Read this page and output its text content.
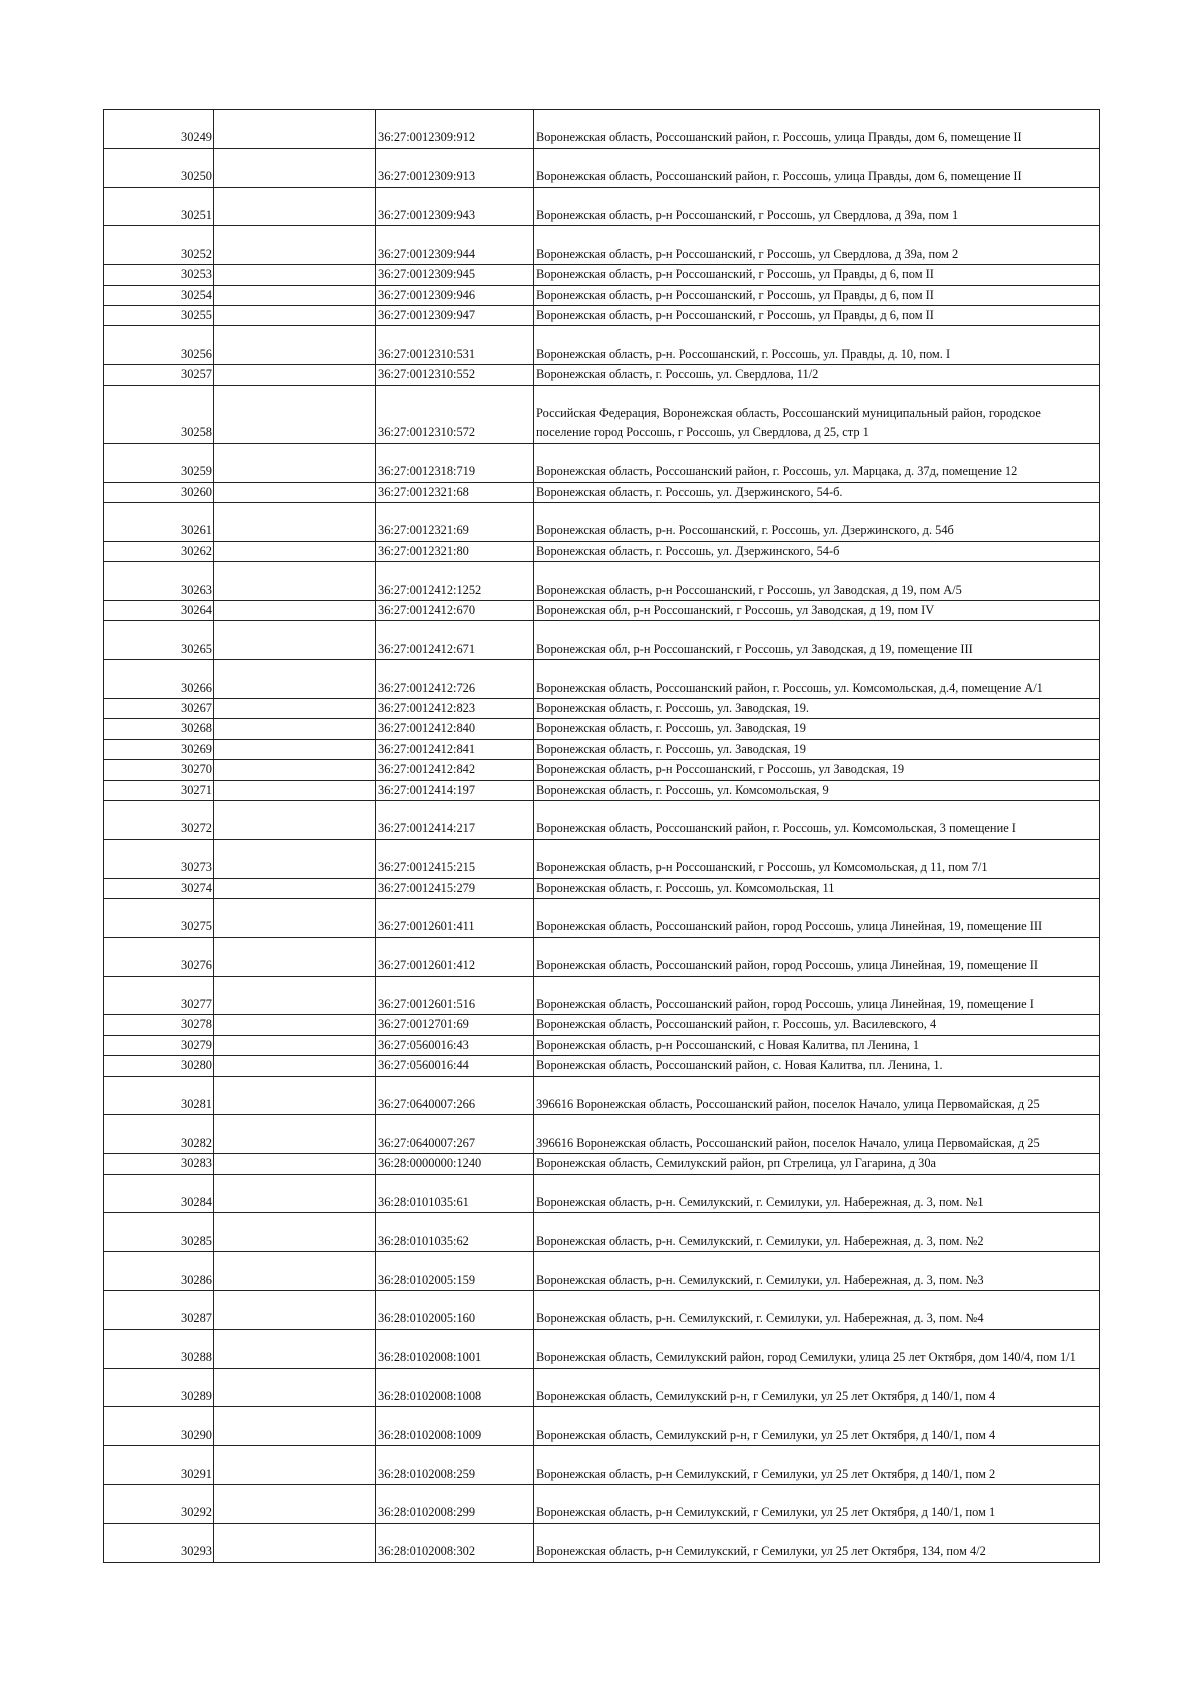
30249		36:27:0012309:912	Воронежская область, Россошанский район, г. Россошь, улица Правды, дом 6, помещение II
30250		36:27:0012309:913	Воронежская область, Россошанский район, г. Россошь, улица Правды, дом 6, помещение II
30251		36:27:0012309:943	Воронежская область, р-н Россошанский, г Россошь, ул Свердлова, д 39а, пом 1
30252		36:27:0012309:944	Воронежская область, р-н Россошанский, г Россошь, ул Свердлова, д 39а, пом 2
30253		36:27:0012309:945	Воронежская область, р-н Россошанский, г Россошь, ул Правды, д 6, пом II
30254		36:27:0012309:946	Воронежская область, р-н Россошанский, г Россошь, ул Правды, д 6, пом II
30255		36:27:0012309:947	Воронежская область, р-н Россошанский, г Россошь, ул Правды, д 6, пом II
30256		36:27:0012310:531	Воронежская область, р-н. Россошанский, г. Россошь, ул. Правды, д. 10, пом. I
30257		36:27:0012310:552	Воронежская область, г. Россошь, ул. Свердлова, 11/2
30258		36:27:0012310:572	Российская Федерация, Воронежская область, Россошанский муниципальный район, городское поселение город Россошь, г Россошь, ул Свердлова, д 25, стр 1
30259		36:27:0012318:719	Воронежская область, Россошанский район, г. Россошь, ул. Марцака, д. 37д, помещение 12
30260		36:27:0012321:68	Воронежская область, г. Россошь, ул. Дзержинского, 54-б.
30261		36:27:0012321:69	Воронежская область, р-н. Россошанский, г. Россошь, ул. Дзержинского, д. 54б
30262		36:27:0012321:80	Воронежская область, г. Россошь, ул. Дзержинского, 54-б
30263		36:27:0012412:1252	Воронежская область, р-н Россошанский, г Россошь, ул Заводская, д 19, пом А/5
30264		36:27:0012412:670	Воронежская обл, р-н Россошанский, г Россошь, ул Заводская, д 19, пом IV
30265		36:27:0012412:671	Воронежская обл, р-н Россошанский, г Россошь, ул Заводская, д 19, помещение III
30266		36:27:0012412:726	Воронежская область, Россошанский район, г. Россошь, ул. Комсомольская, д.4, помещение А/1
30267		36:27:0012412:823	Воронежская область, г. Россошь, ул. Заводская, 19.
30268		36:27:0012412:840	Воронежская область, г. Россошь, ул. Заводская, 19
30269		36:27:0012412:841	Воронежская область, г. Россошь, ул. Заводская, 19
30270		36:27:0012412:842	Воронежская область, р-н Россошанский, г Россошь, ул Заводская, 19
30271		36:27:0012414:197	Воронежская область, г. Россошь, ул. Комсомольская, 9
30272		36:27:0012414:217	Воронежская область, Россошанский район, г. Россошь, ул. Комсомольская, 3 помещение I
30273		36:27:0012415:215	Воронежская область, р-н Россошанский, г Россошь, ул Комсомольская, д 11, пом 7/1
30274		36:27:0012415:279	Воронежская область, г. Россошь, ул. Комсомольская, 11
30275		36:27:0012601:411	Воронежская область, Россошанский район, город Россошь, улица Линейная, 19, помещение III
30276		36:27:0012601:412	Воронежская область, Россошанский район, город Россошь, улица Линейная, 19, помещение II
30277		36:27:0012601:516	Воронежская область, Россошанский район, город Россошь, улица Линейная, 19, помещение I
30278		36:27:0012701:69	Воронежская область, Россошанский район, г. Россошь, ул. Василевского, 4
30279		36:27:0560016:43	Воронежская область, р-н Россошанский, с Новая Калитва, пл Ленина, 1
30280		36:27:0560016:44	Воронежская область, Россошанский район, с. Новая Калитва, пл. Ленина, 1.
30281		36:27:0640007:266	396616 Воронежская область, Россошанский район, поселок Начало, улица Первомайская, д 25
30282		36:27:0640007:267	396616 Воронежская область, Россошанский район, поселок Начало, улица Первомайская, д 25
30283		36:28:0000000:1240	Воронежская область, Семилукский район, рп Стрелица, ул Гагарина, д 30а
30284		36:28:0101035:61	Воронежская область, р-н. Семилукский, г. Семилуки, ул. Набережная, д. 3, пом. №1
30285		36:28:0101035:62	Воронежская область, р-н. Семилукский, г. Семилуки, ул. Набережная, д. 3, пом. №2
30286		36:28:0102005:159	Воронежская область, р-н. Семилукский, г. Семилуки, ул. Набережная, д. 3, пом. №3
30287		36:28:0102005:160	Воронежская область, р-н. Семилукский, г. Семилуки, ул. Набережная, д. 3, пом. №4
30288		36:28:0102008:1001	Воронежская область, Семилукский район, город Семилуки, улица 25 лет Октября, дом 140/4, пом 1/1
30289		36:28:0102008:1008	Воронежская область, Семилукский р-н, г Семилуки, ул 25 лет Октября, д 140/1, пом 4
30290		36:28:0102008:1009	Воронежская область, Семилукский р-н, г Семилуки, ул 25 лет Октября, д 140/1, пом 4
30291		36:28:0102008:259	Воронежская область, р-н Семилукский, г Семилуки, ул 25 лет Октября, д 140/1, пом 2
30292		36:28:0102008:299	Воронежская область, р-н Семилукский, г Семилуки, ул 25 лет Октября, д 140/1, пом 1
30293		36:28:0102008:302	Воронежская область, р-н Семилукский, г Семилуки, ул 25 лет Октября, 134, пом 4/2
